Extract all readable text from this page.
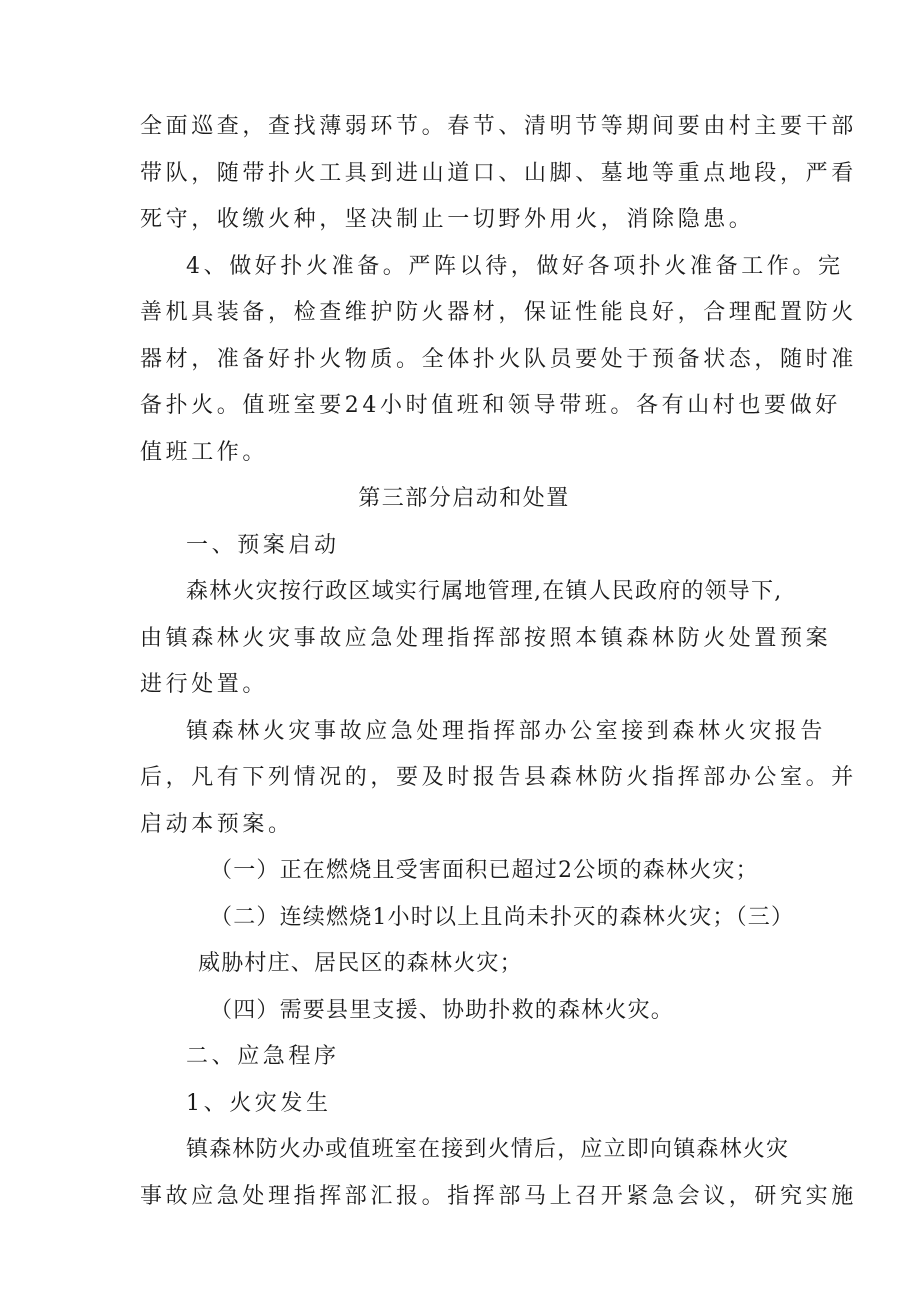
全面巡查，查找薄弱环节。春节、清明节等期间要由村主要干部
带队，随带扑火工具到进山道口、山脚、墓地等重点地段，严看
死守，收缴火种，坚决制止一切野外用火，消除隐患。
4、做好扑火准备。严阵以待，做好各项扑火准备工作。完
善机具装备，检查维护防火器材，保证性能良好，合理配置防火
器材，准备好扑火物质。全体扑火队员要处于预备状态，随时准
备扑火。值班室要24小时值班和领导带班。各有山村也要做好
值班工作。
第三部分启动和处置
一、预案启动
森林火灾按行政区域实行属地管理,在镇人民政府的领导下,
由镇森林火灾事故应急处理指挥部按照本镇森林防火处置预案
进行处置。
镇森林火灾事故应急处理指挥部办公室接到森林火灾报告
后，凡有下列情况的，要及时报告县森林防火指挥部办公室。并
启动本预案。
（一）正在燃烧且受害面积已超过2公顷的森林火灾；
（二）连续燃烧1小时以上且尚未扑灭的森林火灾；（三）
威胁村庄、居民区的森林火灾；
（四）需要县里支援、协助扑救的森林火灾。
二、应急程序
1、火灾发生
镇森林防火办或值班室在接到火情后，应立即向镇森林火灾
事故应急处理指挥部汇报。指挥部马上召开紧急会议，研究实施
